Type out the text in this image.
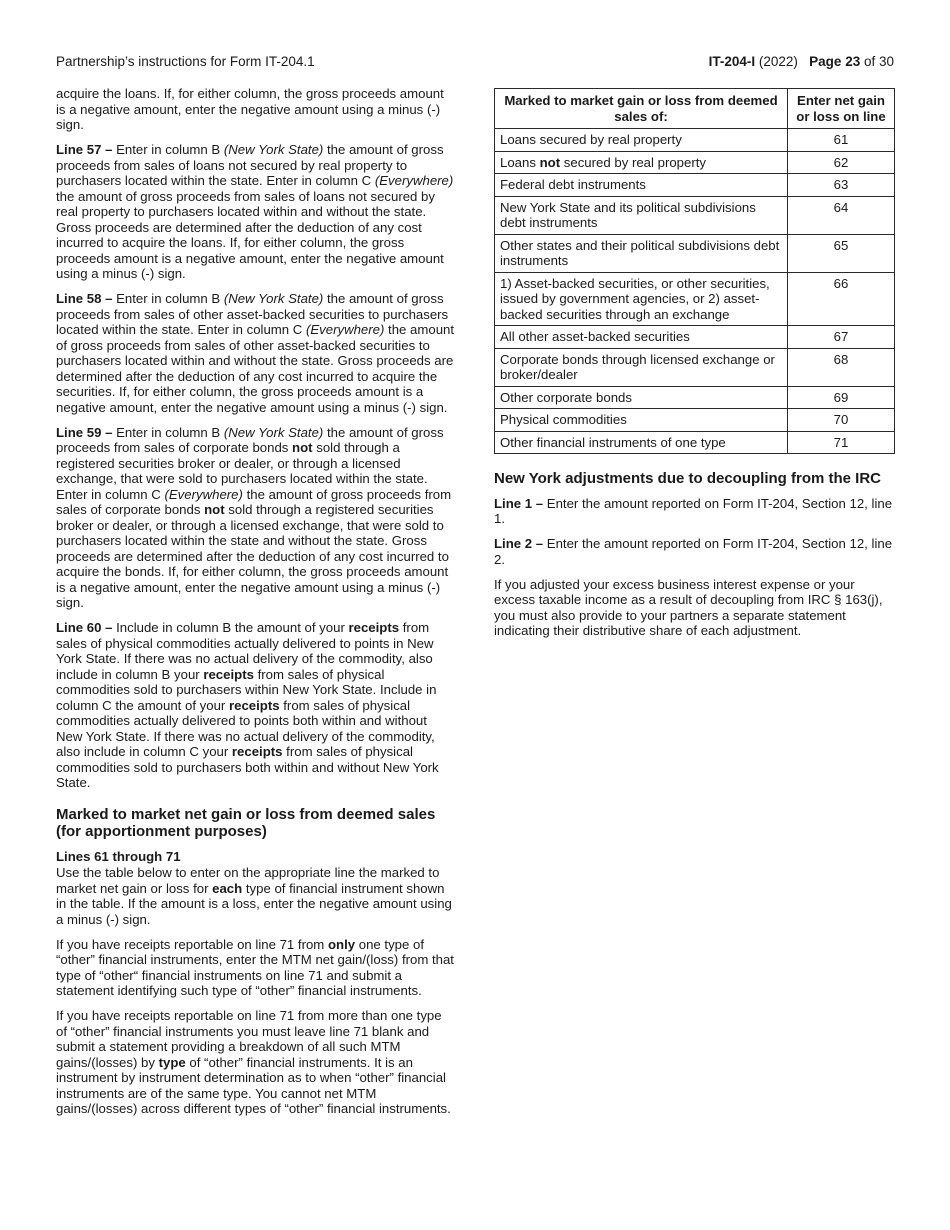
Partnership’s instructions for Form IT-204.1	IT-204-I (2022) Page 23 of 30

acquire the loans. If, for either column, the gross proceeds amount is a negative amount, enter the negative amount using a minus (-) sign.

Line 57 – Enter in column B (New York State) the amount of gross proceeds from sales of loans not secured by real property to purchasers located within the state. Enter in column C (Everywhere) the amount of gross proceeds from sales of loans not secured by real property to purchasers located within and without the state. Gross proceeds are determined after the deduction of any cost incurred to acquire the loans. If, for either column, the gross proceeds amount is a negative amount, enter the negative amount using a minus (-) sign.

Line 58 – Enter in column B (New York State) the amount of gross proceeds from sales of other asset-backed securities to purchasers located within the state. Enter in column C (Everywhere) the amount of gross proceeds from sales of other asset-backed securities to purchasers located within and without the state. Gross proceeds are determined after the deduction of any cost incurred to acquire the securities. If, for either column, the gross proceeds amount is a negative amount, enter the negative amount using a minus (-) sign.

Line 59 – Enter in column B (New York State) the amount of gross proceeds from sales of corporate bonds not sold through a registered securities broker or dealer, or through a licensed exchange, that were sold to purchasers located within the state. Enter in column C (Everywhere) the amount of gross proceeds from sales of corporate bonds not sold through a registered securities broker or dealer, or through a licensed exchange, that were sold to purchasers located within the state and without the state. Gross proceeds are determined after the deduction of any cost incurred to acquire the bonds. If, for either column, the gross proceeds amount is a negative amount, enter the negative amount using a minus (-) sign.

Line 60 – Include in column B the amount of your receipts from sales of physical commodities actually delivered to points in New York State. If there was no actual delivery of the commodity, also include in column B your receipts from sales of physical commodities sold to purchasers within New York State. Include in column C the amount of your receipts from sales of physical commodities actually delivered to points both within and without New York State. If there was no actual delivery of the commodity, also include in column C your receipts from sales of physical commodities sold to purchasers both within and without New York State.

Marked to market net gain or loss from deemed sales (for apportionment purposes)
Lines 61 through 71

Use the table below to enter on the appropriate line the marked to market net gain or loss for each type of financial instrument shown in the table. If the amount is a loss, enter the negative amount using a minus (-) sign.

If you have receipts reportable on line 71 from only one type of “other” financial instruments, enter the MTM net gain/(loss) from that type of “other“ financial instruments on line 71 and submit a statement identifying such type of “other” financial instruments.

If you have receipts reportable on line 71 from more than one type of “other” financial instruments you must leave line 71 blank and submit a statement providing a breakdown of all such MTM gains/(losses) by type of “other” financial instruments. It is an instrument by instrument determination as to when “other” financial instruments are of the same type. You cannot net MTM gains/(losses) across different types of “other” financial instruments.

Marked to market gain or loss from deemed sales of:	Enter net gain or loss on line
Loans secured by real property	61
Loans not secured by real property	62
Federal debt instruments	63
New York State and its political subdivisions debt instruments	64
Other states and their political subdivisions debt instruments	65
1) Asset-backed securities, or other securities, issued by government agencies, or 2) asset-backed securities through an exchange	66
All other asset-backed securities	67
Corporate bonds through licensed exchange or broker/dealer	68
Other corporate bonds	69
Physical commodities	70
Other financial instruments of one type	71
New York adjustments due to decoupling from the IRC

Line 1 – Enter the amount reported on Form IT-204, Section 12, line 1.

Line 2 – Enter the amount reported on Form IT-204, Section 12, line 2.

If you adjusted your excess business interest expense or your excess taxable income as a result of decoupling from IRC § 163(j), you must also provide to your partners a separate statement indicating their distributive share of each adjustment.
